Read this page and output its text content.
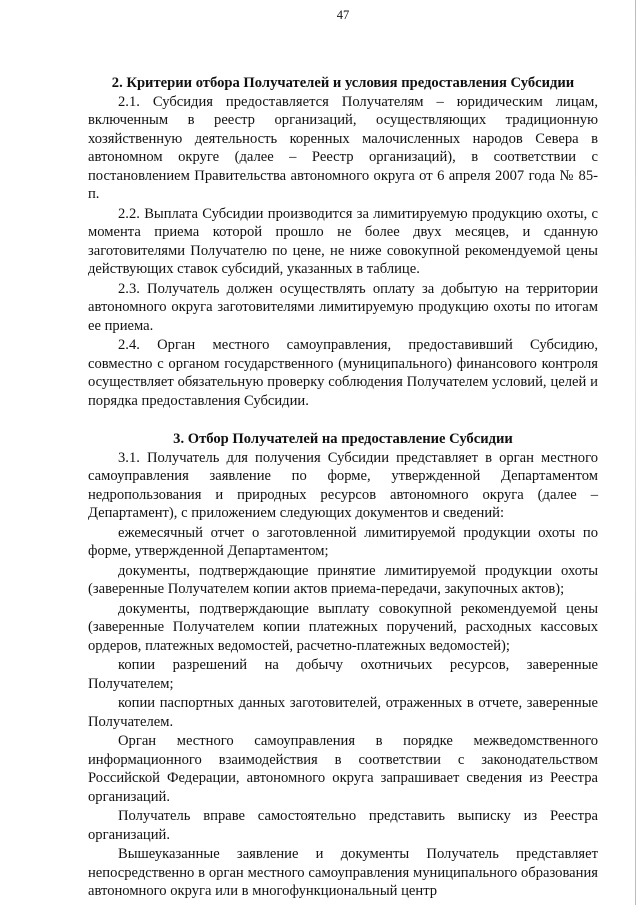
47
2. Критерии отбора Получателей и условия предоставления Субсидии

2.1. Субсидия предоставляется Получателям – юридическим лицам, включенным в реестр организаций, осуществляющих традиционную хозяйственную деятельность коренных малочисленных народов Севера в автономном округе (далее – Реестр организаций), в соответствии с постановлением Правительства автономного округа от 6 апреля 2007 года № 85-п.

2.2. Выплата Субсидии производится за лимитируемую продукцию охоты, с момента приема которой прошло не более двух месяцев, и сданную заготовителями Получателю по цене, не ниже совокупной рекомендуемой цены действующих ставок субсидий, указанных в таблице.

2.3. Получатель должен осуществлять оплату за добытую на территории автономного округа заготовителями лимитируемую продукцию охоты по итогам ее приема.

2.4. Орган местного самоуправления, предоставивший Субсидию, совместно с органом государственного (муниципального) финансового контроля осуществляет обязательную проверку соблюдения Получателем условий, целей и порядка предоставления Субсидии.

3. Отбор Получателей на предоставление Субсидии

3.1. Получатель для получения Субсидии представляет в орган местного самоуправления заявление по форме, утвержденной Департаментом недропользования и природных ресурсов автономного округа (далее – Департамент), с приложением следующих документов и сведений:

ежемесячный отчет о заготовленной лимитируемой продукции охоты по форме, утвержденной Департаментом;

документы, подтверждающие принятие лимитируемой продукции охоты (заверенные Получателем копии актов приема-передачи, закупочных актов);

документы, подтверждающие выплату совокупной рекомендуемой цены (заверенные Получателем копии платежных поручений, расходных кассовых ордеров, платежных ведомостей, расчетно-платежных ведомостей);

копии разрешений на добычу охотничьих ресурсов, заверенные Получателем;

копии паспортных данных заготовителей, отраженных в отчете, заверенные Получателем.

Орган местного самоуправления в порядке межведомственного информационного взаимодействия в соответствии с законодательством Российской Федерации, автономного округа запрашивает сведения из Реестра организаций.

Получатель вправе самостоятельно представить выписку из Реестра организаций.

Вышеуказанные заявление и документы Получатель представляет непосредственно в орган местного самоуправления муниципального образования автономного округа или в многофункциональный центр
